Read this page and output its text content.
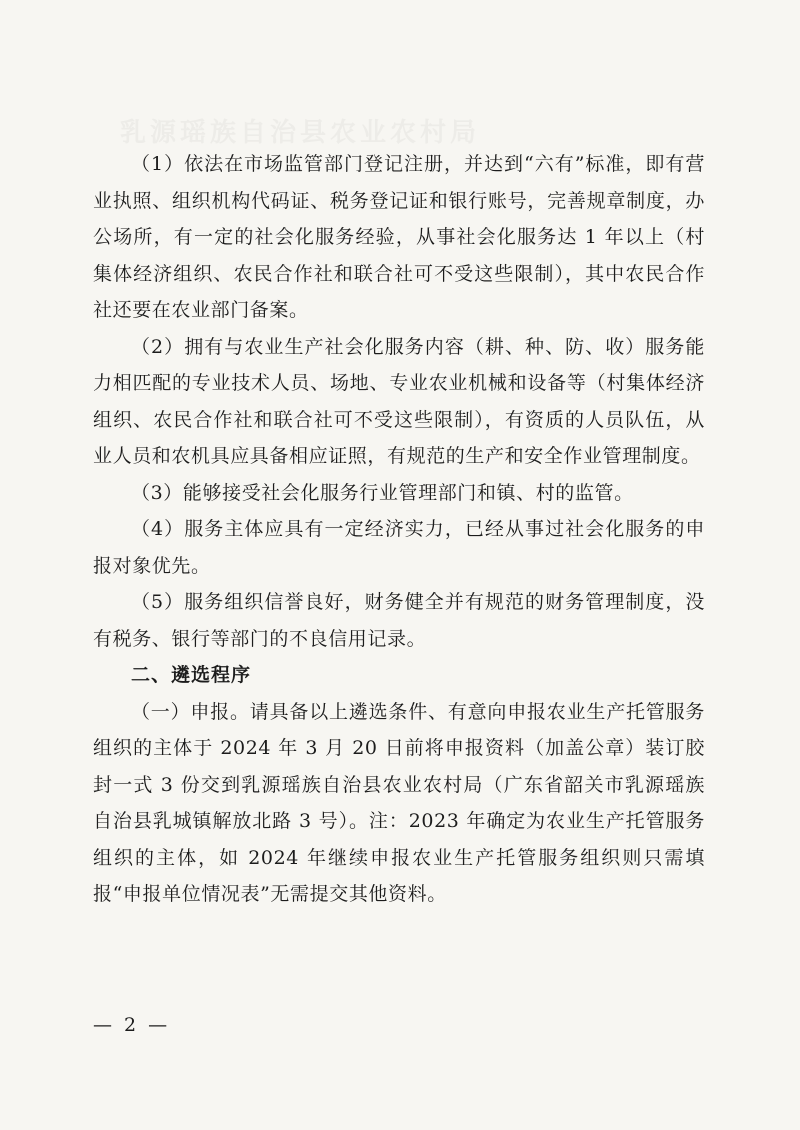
乳源瑶族自治县农业农村局

（1）依法在市场监管部门登记注册，并达到“六有”标准，即有营业执照、组织机构代码证、税务登记证和银行账号，完善规章制度，办公场所，有一定的社会化服务经验，从事社会化服务达 1 年以上（村集体经济组织、农民合作社和联合社可不受这些限制），其中农民合作社还要在农业部门备案。

（2）拥有与农业生产社会化服务内容（耕、种、防、收）服务能力相匹配的专业技术人员、场地、专业农业机械和设备等（村集体经济组织、农民合作社和联合社可不受这些限制），有资质的人员队伍，从业人员和农机具应具备相应证照，有规范的生产和安全作业管理制度。

（3）能够接受社会化服务行业管理部门和镇、村的监管。

（4）服务主体应具有一定经济实力，已经从事过社会化服务的申报对象优先。

（5）服务组织信誉良好，财务健全并有规范的财务管理制度，没有税务、银行等部门的不良信用记录。

二、遴选程序

（一）申报。请具备以上遴选条件、有意向申报农业生产托管服务组织的主体于 2024 年 3 月 20 日前将申报资料（加盖公章）装订胶封一式 3 份交到乳源瑶族自治县农业农村局（广东省韶关市乳源瑶族自治县乳城镇解放北路 3 号）。注：2023 年确定为农业生产托管服务组织的主体，如 2024 年继续申报农业生产托管服务组织则只需填报“申报单位情况表”无需提交其他资料。

— 2 —
